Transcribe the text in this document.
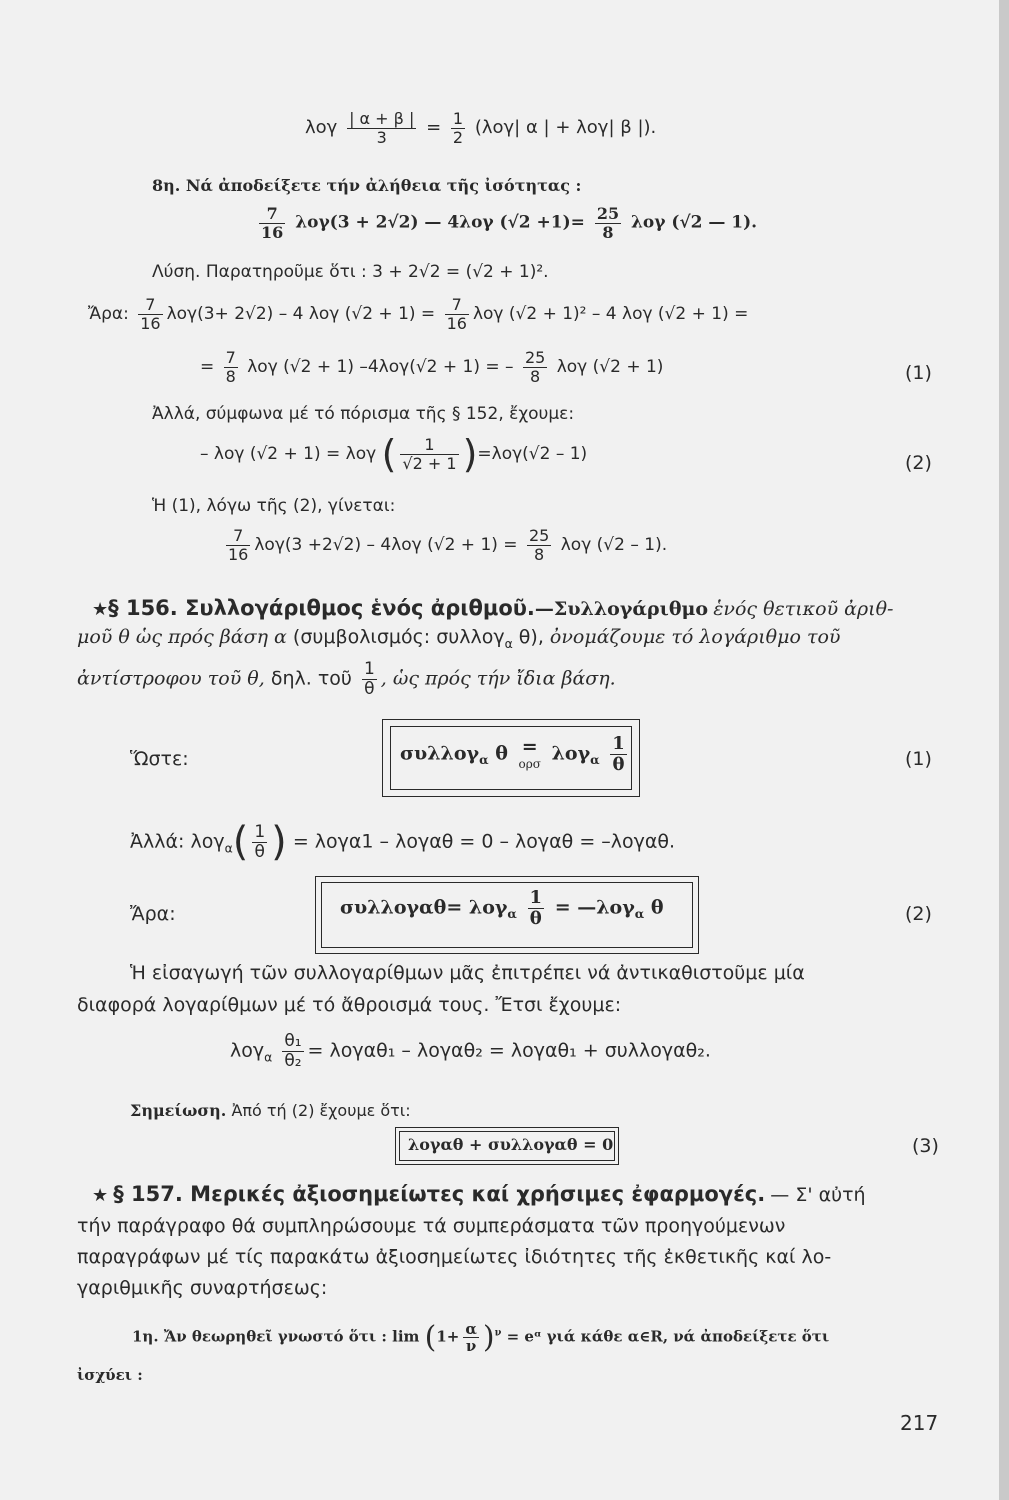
λογ $\frac{| \alpha + \beta |}{3} = \frac{1}{2} (\lambda o\gamma|$ α | + λογ| β |).
8η. Νά ἀποδείξετε τήν ἀλήθεια τῆς ἰσότητας :
$\frac{7}{16} \lambda o\gamma(3 + 2√2)$ — 4λογ $(√2 +1)= \frac{25}{8}$ λογ (√2 — 1).
Λύση. Παρατηροῦμε ὅτι : 3 + 2√2 = (√2 + 1)².
Ἄρα: $\frac{7}{16} \lambda o\gamma(3+ 2√2) - 4$ λογ $(√2 + 1) = \frac{7}{16}$ λογ (√2 + 1)² – 4 λογ (√2 + 1) =
= $\frac{7}{8}$ λογ (√2 + 1) –4λογ(√2 + 1) = – $\frac{25}{8}$ λογ (√2 + 1)	(1)
Ἀλλά, σύμφωνα μέ τό πόρισμα τῆς § 152, ἔχουμε:
– λογ (√2 + 1) = λογ ( $\frac{1}{√2 + 1} )=\lambda o\gamma(√2 - 1)$	(2)
Ἡ (1), λόγω τῆς (2), γίνεται:
$\frac{7}{16} \lambda o\gamma(3 +2√2) - 4\lambda o\gamma$ $(√2 + 1) = \frac{25}{8}$ λογ (√2 – 1).
★§ 156. Συλλογάριθμος ἑνός ἀριθμοῦ.—Συλλογάριθμο ἑνός θετικοῦ ἀριθ-
μοῦ θ ὡς πρός βάση α (συμβολισμός: συλλογ$_\alpha$ θ), ὀνομάζουμε τό λογάριθμο τοῦ
ἀντίστροφου τοῦ θ, δηλ. τοῦ $\frac{1}{\theta}$ , ὡς πρός τήν ἴδια βάση.
Ὥστε:	συλλογ$_\alpha$ θ =
ορσ $\lambda o\gamma_\alpha \frac{1}{\theta}$	(1)
Ἀλλά: $\lambda o\gamma_\alpha( \frac{1}{\theta}$ ) = λογα1 – λογαθ = 0 – λογαθ = –λογαθ.
Ἄρα:	$\sigma\upsilon\lambda\lambda o\gamma\alpha\theta= \lambda o\gamma_\alpha \frac{1}{\theta}$ = —λογ$_\alpha$ θ	(2)
Ἡ εἰσαγωγή τῶν συλλογαρίθμων μᾶς ἐπιτρέπει νά ἀντικαθιστοῦμε μία
διαφορά λογαρίθμων μέ τό ἄθροισμά τους. Ἔτσι ἔχουμε:
$\lambda o\gamma_\alpha \frac{\text{θ₁}}{\text{θ₂}} = \lambda o\gamma\alpha\theta_1 - \lambda o\gamma\alpha\theta_2 = \lambda o\gamma\alpha\theta_1 + \sigma\upsilon\lambda\lambda o\gamma\alpha\theta_2$.
Σημείωση. Ἀπό τή (2) ἔχουμε ὅτι:
λογαθ + συλλογαθ = 0	(3)
★ § 157. Μερικές ἀξιοσημείωτες καί χρήσιμες ἐφαρμογές. — Σ' αὐτή
τήν παράγραφο θά συμπληρώσουμε τά συμπεράσματα τῶν προηγούμενων
παραγράφων μέ τίς παρακάτω ἀξιοσημείωτες ἰδιότητες τῆς ἐκθετικῆς καί λο-
γαριθμικῆς συναρτήσεως:
1η. Ἄν θεωρηθεῖ γνωστό ὅτι : $\lim (1+ \frac{\alpha}{\nu} )^\nu$ = eᵅ γιά κάθε α∈R, νά ἀποδείξετε ὅτι
ἰσχύει :
217
